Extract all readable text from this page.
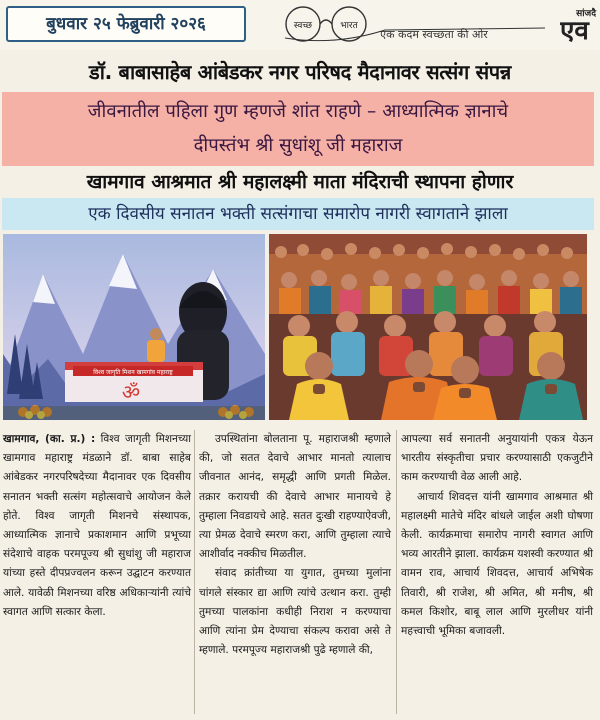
बुधवार २५ फेब्रुवारी २०२६	स्वच्छ	भारत
एक कदम स्वच्छता की ओर
सांजदै
एव
डॉ. बाबासाहेब आंबेडकर नगर परिषद मैदानावर सत्संग संपन्न
जीवनातील पहिला गुण म्हणजे शांत राहणे – आध्यात्मिक ज्ञानाचे
दीपस्तंभ श्री सुधांशू जी महाराज
खामगाव आश्रमात श्री महालक्ष्मी माता मंदिराची स्थापना होणार
एक दिवसीय सनातन भक्ती सत्संगाचा समारोप नागरी स्वागताने झाला
विश्व जागृति मिशन खामगांव महाराष्ट्र
ॐ

खामगाव, (का. प्र.) : विश्व जागृती मिशनच्या खामगाव महाराष्ट्र मंडळाने डॉ. बाबा साहेब आंबेडकर नगरपरिषदेच्या मैदानावर एक दिवसीय सनातन भक्ती सत्संग महोत्सवाचे आयोजन केले होते. विश्व जागृती मिशनचे संस्थापक, आध्यात्मिक ज्ञानाचे प्रकाशमान आणि प्रभूच्या संदेशाचे वाहक परमपूज्य श्री सुधांशु जी महाराज यांच्या हस्ते दीपप्रज्वलन करून उद्घाटन करण्यात आले. यावेळी मिशनच्या वरिष्ठ अधिकाऱ्यांनी त्यांचे स्वागत आणि सत्कार केला.

उपस्थितांना बोलताना पू. महाराजश्री म्हणाले की, जो सतत देवाचे आभार मानतो त्यालाच जीवनात आनंद, समृद्धी आणि प्रगती मिळेल. तक्रार करायची की देवाचे आभार मानायचे हे तुम्हाला निवडायचे आहे. सतत दुःखी राहण्याऐवजी, त्या प्रेमळ देवाचे स्मरण करा, आणि तुम्हाला त्याचे आशीर्वाद नक्कीच मिळतील.

संवाद क्रांतीच्या या युगात, तुमच्या मुलांना चांगले संस्कार द्या आणि त्यांचे उत्थान करा. तुम्ही तुमच्या पालकांना कधीही निराश न करण्याचा आणि त्यांना प्रेम देण्याचा संकल्प करावा असे ते म्हणाले. परमपूज्य महाराजश्री पुढे म्हणाले की,

आपल्या सर्व सनातनी अनुयायांनी एकत्र येऊन भारतीय संस्कृतीचा प्रचार करण्यासाठी एकजुटीने काम करण्याची वेळ आली आहे.

आचार्य शिवदत्त यांनी खामगाव आश्रमात श्री महालक्ष्मी मातेचे मंदिर बांधले जाईल अशी घोषणा केली. कार्यक्रमाचा समारोप नागरी स्वागत आणि भव्य आरतीने झाला. कार्यक्रम यशस्वी करण्यात श्री वामन राव, आचार्य शिवदत्त, आचार्य अभिषेक तिवारी, श्री राजेश, श्री अमित, श्री मनीष, श्री कमल किशोर, बाबू लाल आणि मुरलीधर यांनी महत्त्वाची भूमिका बजावली.
